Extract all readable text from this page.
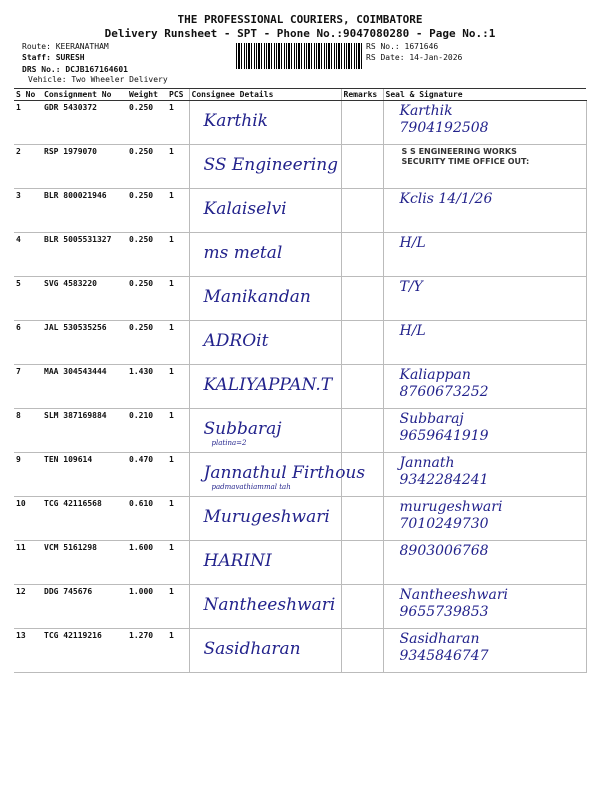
THE PROFESSIONAL COURIERS, COIMBATORE
Delivery Runsheet - SPT - Phone No.:9047080280 - Page No.:1
Route: KEERANATHAM
Staff: SURESH
DRS No.: DCJB167164601
Vehicle: Two Wheeler Delivery
RS No.: 1671646
RS Date: 14-Jan-2026
S No	Consignment No	Weight	PCS	Consignee Details	Remarks	Seal & Signature
1	GDR 5430372	0.250	1	Karthik		Karthik
7904192508

2	RSP 1979070	0.250	1	SS Engineering		S S ENGINEERING WORKS
SECURITY TIME OFFICE OUT:

3	BLR 800021946	0.250	1	Kalaiselvi		Kclis 14/1/26

4	BLR 5005531327	0.250	1	ms metal		H/L

5	SVG 4583220	0.250	1	Manikandan		T/Y

6	JAL 530535256	0.250	1	ADROit		H/L

7	MAA 304543444	1.430	1	KALIYAPPAN.T		Kaliappan
8760673252

8	SLM 387169884	0.210	1	Subbaraj
platina=2		Subbaraj
9659641919

9	TEN 109614	0.470	1	Jannathul Firthous
padmavathiammal tah		Jannath
9342284241

10	TCG 42116568	0.610	1	Murugeshwari		murugeshwari
7010249730

11	VCM 5161298	1.600	1	HARINI		8903006768

12	DDG 745676	1.000	1	Nantheeshwari		Nantheeshwari
9655739853

13	TCG 42119216	1.270	1	Sasidharan		Sasidharan
9345846747
